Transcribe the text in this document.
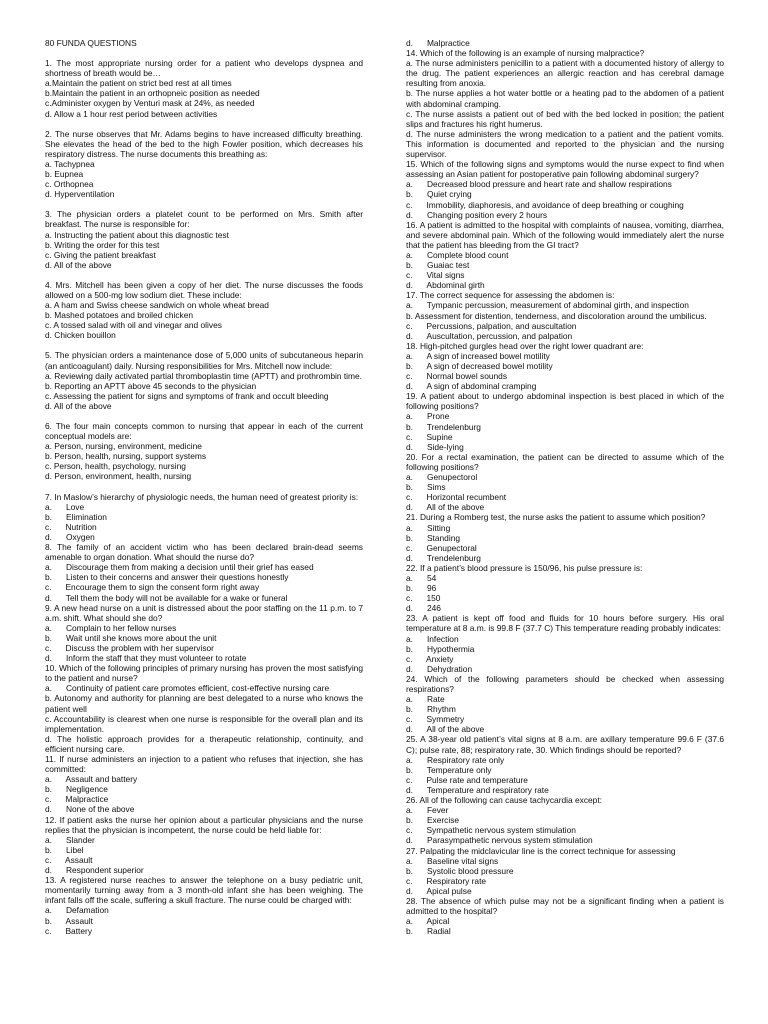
80 FUNDA QUESTIONS

1. The most appropriate nursing order for a patient who develops dyspnea and shortness of breath would be…

a.Maintain the patient on strict bed rest at all times

b.Maintain the patient in an orthopneic position as needed

c.Administer oxygen by Venturi mask at 24%, as needed

d. Allow a 1 hour rest period between activities

2. The nurse observes that Mr. Adams begins to have increased difficulty breathing. She elevates the head of the bed to the high Fowler position, which decreases his respiratory distress. The nurse documents this breathing as:

a. Tachypnea

b. Eupnea

c. Orthopnea

d. Hyperventilation

3. The physician orders a platelet count to be performed on Mrs. Smith after breakfast. The nurse is responsible for:

a. Instructing the patient about this diagnostic test

b. Writing the order for this test

c. Giving the patient breakfast

d. All of the above

4. Mrs. Mitchell has been given a copy of her diet. The nurse discusses the foods allowed on a 500-mg low sodium diet. These include:

a. A ham and Swiss cheese sandwich on whole wheat bread

b. Mashed potatoes and broiled chicken

c. A tossed salad with oil and vinegar and olives

d. Chicken bouillon

5. The physician orders a maintenance dose of 5,000 units of subcutaneous heparin (an anticoagulant) daily. Nursing responsibilities for Mrs. Mitchell now include:

a. Reviewing daily activated partial thromboplastin time (APTT) and prothrombin time.

b. Reporting an APTT above 45 seconds to the physician

c. Assessing the patient for signs and symptoms of frank and occult bleeding

d. All of the above

6. The four main concepts common to nursing that appear in each of the current conceptual models are:

a. Person, nursing, environment, medicine

b. Person, health, nursing, support systems

c. Person, health, psychology, nursing

d. Person, environment, health, nursing

7. In Maslow’s hierarchy of physiologic needs, the human need of greatest priority is:

a.      Love

b.      Elimination

c.      Nutrition

d.      Oxygen

8. The family of an accident victim who has been declared brain-dead seems amenable to organ donation. What should the nurse do?

a.      Discourage them from making a decision until their grief has eased

b.      Listen to their concerns and answer their questions honestly

c.      Encourage them to sign the consent form right away

d.      Tell them the body will not be available for a wake or funeral

9. A new head nurse on a unit is distressed about the poor staffing on the 11 p.m. to 7 a.m. shift. What should she do?

a.      Complain to her fellow nurses

b.      Wait until she knows more about the unit

c.      Discuss the problem with her supervisor

d.      Inform the staff that they must volunteer to rotate

10. Which of the following principles of primary nursing has proven the most satisfying to the patient and nurse?

a.      Continuity of patient care promotes efficient, cost-effective nursing care

b. Autonomy and authority for planning are best delegated to a nurse who knows the patient well

c. Accountability is clearest when one nurse is responsible for the overall plan and its implementation.

d. The holistic approach provides for a therapeutic relationship, continuity, and efficient nursing care.

11. If nurse administers an injection to a patient who refuses that injection, she has committed:

a.      Assault and battery

b.      Negligence

c.      Malpractice

d.      None of the above

12. If patient asks the nurse her opinion about a particular physicians and the nurse replies that the physician is incompetent, the nurse could be held liable for:

a.      Slander

b.      Libel

c.      Assault

d.      Respondent superior

13. A registered nurse reaches to answer the telephone on a busy pediatric unit, momentarily turning away from a 3 month-old infant she has been weighing. The infant falls off the scale, suffering a skull fracture. The nurse could be charged with:

a.      Defamation

b.      Assault

c.      Battery

d.      Malpractice

14. Which of the following is an example of nursing malpractice?

a. The nurse administers penicillin to a patient with a documented history of allergy to the drug. The patient experiences an allergic reaction and has cerebral damage resulting from anoxia.

b. The nurse applies a hot water bottle or a heating pad to the abdomen of a patient with abdominal cramping.

c. The nurse assists a patient out of bed with the bed locked in position; the patient slips and fractures his right humerus.

d. The nurse administers the wrong medication to a patient and the patient vomits. This information is documented and reported to the physician and the nursing supervisor.

15. Which of the following signs and symptoms would the nurse expect to find when assessing an Asian patient for postoperative pain following abdominal surgery?

a.      Decreased blood pressure and heart rate and shallow respirations

b.      Quiet crying

c.      Immobility, diaphoresis, and avoidance of deep breathing or coughing

d.      Changing position every 2 hours

16. A patient is admitted to the hospital with complaints of nausea, vomiting, diarrhea, and severe abdominal pain. Which of the following would immediately alert the nurse that the patient has bleeding from the GI tract?

a.      Complete blood count

b.      Guaiac test

c.      Vital signs

d.      Abdominal girth

17. The correct sequence for assessing the abdomen is:

a.      Tympanic percussion, measurement of abdominal girth, and inspection

b. Assessment for distention, tenderness, and discoloration around the umbilicus.

c.      Percussions, palpation, and auscultation

d.      Auscultation, percussion, and palpation

18. High-pitched gurgles head over the right lower quadrant are:

a.      A sign of increased bowel motility

b.      A sign of decreased bowel motility

c.      Normal bowel sounds

d.      A sign of abdominal cramping

19. A patient about to undergo abdominal inspection is best placed in which of the following positions?

a.      Prone

b.      Trendelenburg

c.      Supine

d.      Side-lying

20. For a rectal examination, the patient can be directed to assume which of the following positions?

a.      Genupectorol

b.      Sims

c.      Horizontal recumbent

d.      All of the above

21. During a Romberg test, the nurse asks the patient to assume which position?

a.      Sitting

b.      Standing

c.      Genupectoral

d.      Trendelenburg

22. If a patient’s blood pressure is 150/96, his pulse pressure is:

a.      54

b.      96

c.      150

d.      246

23. A patient is kept off food and fluids for 10 hours before surgery. His oral temperature at 8 a.m. is 99.8 F (37.7 C) This temperature reading probably indicates:

a.      Infection

b.      Hypothermia

c.      Anxiety

d.      Dehydration

24. Which of the following parameters should be checked when assessing respirations?

a.      Rate

b.      Rhythm

c.      Symmetry

d.      All of the above

25. A 38-year old patient’s vital signs at 8 a.m. are axillary temperature 99.6 F (37.6 C); pulse rate, 88; respiratory rate, 30. Which findings should be reported?

a.      Respiratory rate only

b.      Temperature only

c.      Pulse rate and temperature

d.      Temperature and respiratory rate

26. All of the following can cause tachycardia except:

a.      Fever

b.      Exercise

c.      Sympathetic nervous system stimulation

d.      Parasympathetic nervous system stimulation

27. Palpating the midclavicular line is the correct technique for assessing

a.      Baseline vital signs

b.      Systolic blood pressure

c.      Respiratory rate

d.      Apical pulse

28. The absence of which pulse may not be a significant finding when a patient is admitted to the hospital?

a.      Apical

b.      Radial
